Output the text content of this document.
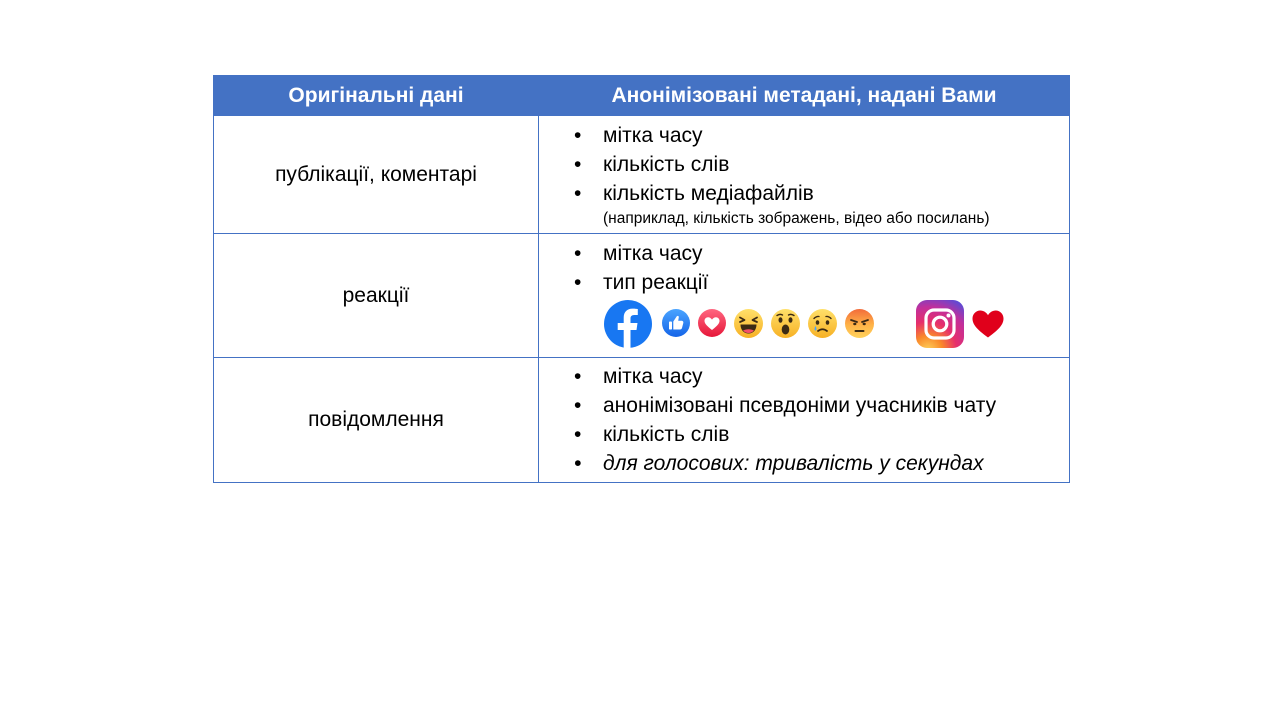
Оригінальні дані	Анонімізовані метадані, надані Вами
публікації, коментарі	• мітка часу
• кількість слів
• кількість медіафайлів
(наприклад, кількість зображень, відео або посилань)

реакції	• мітка часу
• тип реакції

повідомлення	• мітка часу
• анонімізовані псевдоніми учасників чату
• кількість слів
• для голосових: тривалість у секундах
